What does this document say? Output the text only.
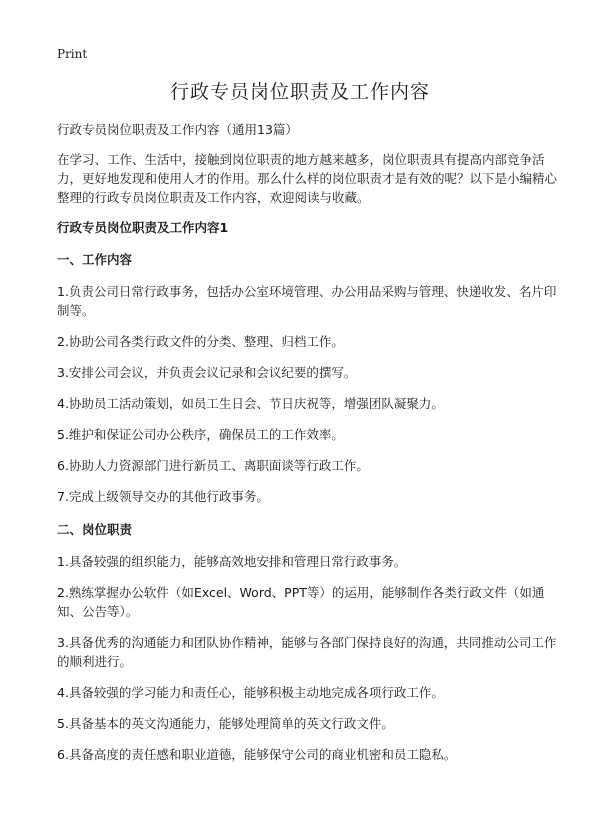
Print
行政专员岗位职责及工作内容

行政专员岗位职责及工作内容（通用13篇）

在学习、工作、生活中，接触到岗位职责的地方越来越多，岗位职责具有提高内部竞争活力，更好地发现和使用人才的作用。那么什么样的岗位职责才是有效的呢？以下是小编精心整理的行政专员岗位职责及工作内容，欢迎阅读与收藏。

行政专员岗位职责及工作内容1

一、工作内容

1.负责公司日常行政事务，包括办公室环境管理、办公用品采购与管理、快递收发、名片印制等。

2.协助公司各类行政文件的分类、整理、归档工作。

3.安排公司会议，并负责会议记录和会议纪要的撰写。

4.协助员工活动策划，如员工生日会、节日庆祝等，增强团队凝聚力。

5.维护和保证公司办公秩序，确保员工的工作效率。

6.协助人力资源部门进行新员工、离职面谈等行政工作。

7.完成上级领导交办的其他行政事务。

二、岗位职责

1.具备较强的组织能力，能够高效地安排和管理日常行政事务。

2.熟练掌握办公软件（如Excel、Word、PPT等）的运用，能够制作各类行政文件（如通知、公告等）。

3.具备优秀的沟通能力和团队协作精神，能够与各部门保持良好的沟通，共同推动公司工作的顺利进行。

4.具备较强的学习能力和责任心，能够积极主动地完成各项行政工作。

5.具备基本的英文沟通能力，能够处理简单的英文行政文件。

6.具备高度的责任感和职业道德，能够保守公司的商业机密和员工隐私。
